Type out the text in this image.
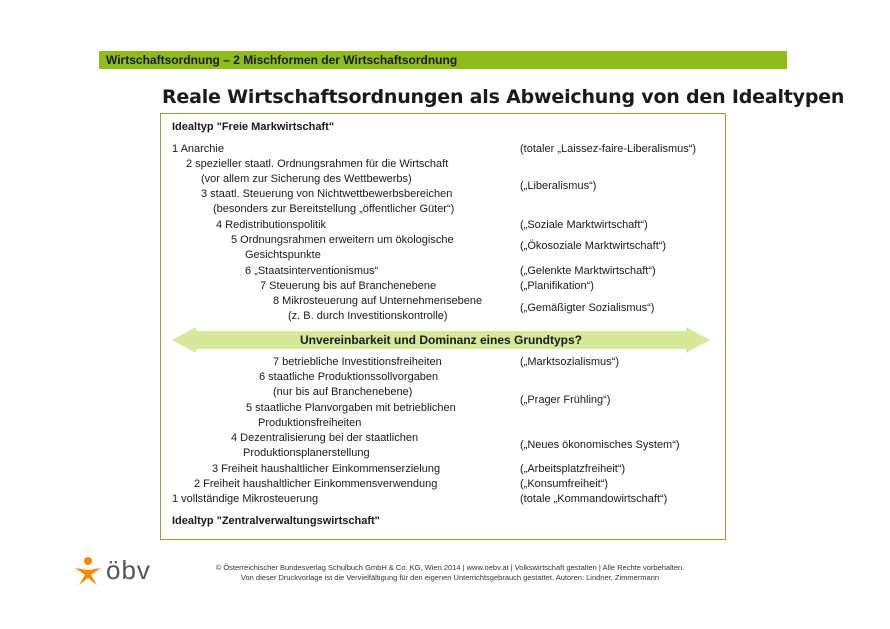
Wirtschaftsordnung – 2 Mischformen der Wirtschaftsordnung
Reale Wirtschaftsordnungen als Abweichung von den Idealtypen
Idealtyp "Freie Markwirtschaft"
1 Anarchie
2 spezieller staatl. Ordnungsrahmen für die Wirtschaft
(vor allem zur Sicherung des Wettbewerbs)
3 staatl. Steuerung von Nichtwettbewerbsbereichen
(besonders zur Bereitstellung „öffentlicher Güter“)
4 Redistributionspolitik
5 Ordnungsrahmen erweitern um ökologische
Gesichtspunkte
6 „Staatsinterventionismus“
7 Steuerung bis auf Branchenebene
8 Mikrosteuerung auf Unternehmensebene
(z. B. durch Investitionskontrolle)
(totaler „Laissez-faire-Liberalismus“)
(„Liberalismus“)
(„Soziale Marktwirtschaft“)
(„Ökosoziale Marktwirtschaft“)
(„Gelenkte Marktwirtschaft“)
(„Planifikation“)
(„Gemäßigter Sozialismus“)
Unvereinbarkeit und Dominanz eines Grundtyps?
7 betriebliche Investitionsfreiheiten
6 staatliche Produktionssollvorgaben
(nur bis auf Branchenebene)
5 staatliche Planvorgaben mit betrieblichen
Produktionsfreiheiten
4 Dezentralisierung bei der staatlichen
Produktionsplanerstellung
3 Freiheit haushaltlicher Einkommenserzielung
2 Freiheit haushaltlicher Einkommensverwendung
1 vollständige Mikrosteuerung
Idealtyp "Zentralverwaltungswirtschaft"
(„Marktsozialismus“)
(„Prager Frühling“)
(„Neues ökonomisches System“)
(„Arbeitsplatzfreiheit“)
(„Konsumfreiheit“)
(totale „Kommandowirtschaft“)
öbv	© Österreichischer Bundesverlag Schulbuch GmbH & Co. KG, Wien 2014 | www.oebv.at | Volkswirtschaft gestalten | Alle Rechte vorbehalten.
Von dieser Druckvorlage ist die Vervielfältigung für den eigenen Unterrichtsgebrauch gestattet. Autoren: Lindner, Zimmermann
